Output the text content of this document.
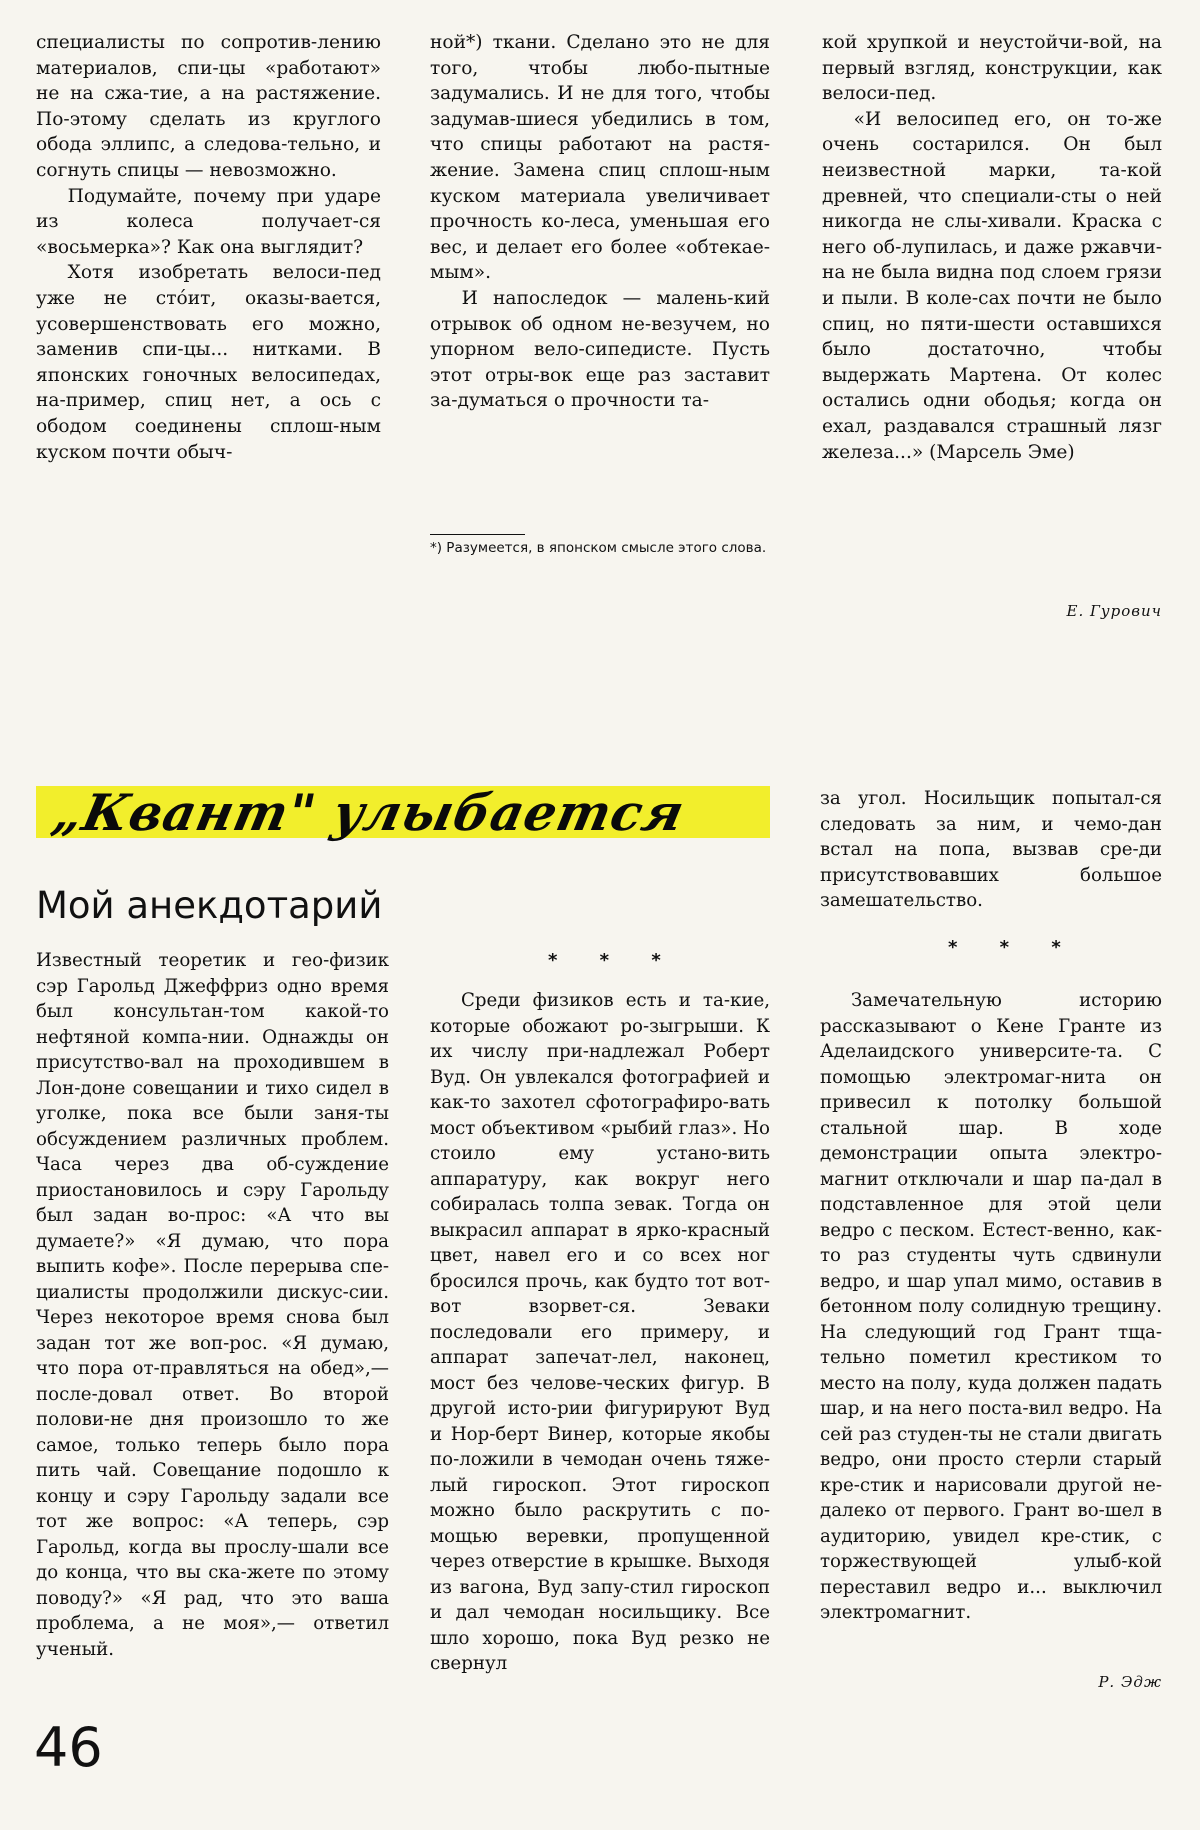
специалисты по сопротив-лению материалов, спи-цы «работают» не на сжа-тие, а на растяжение. По-этому сделать из круглого обода эллипс, а следова-тельно, и согнуть спицы — невозможно.

Подумайте, почему при ударе из колеса получает-ся «восьмерка»? Как она выглядит?

Хотя изобретать велоси-пед уже не сто́ит, оказы-вается, усовершенствовать его можно, заменив спи-цы... нитками. В японских гоночных велосипедах, на-пример, спиц нет, а ось с ободом соединены сплош-ным куском почти обыч-

ной*) ткани. Сделано это не для того, чтобы любо-пытные задумались. И не для того, чтобы задумав-шиеся убедились в том, что спицы работают на растя-жение. Замена спиц сплош-ным куском материала увеличивает прочность ко-леса, уменьшая его вес, и делает его более «обтекае-мым».

И напоследок — малень-кий отрывок об одном не-везучем, но упорном вело-сипедисте. Пусть этот отры-вок еще раз заставит за-думаться о прочности та-

*) Разумеется, в японском смысле этого слова.

кой хрупкой и неустойчи-вой, на первый взгляд, конструкции, как велоси-пед.

«И велосипед его, он то-же очень состарился. Он был неизвестной марки, та-кой древней, что специали-сты о ней никогда не слы-хивали. Краска с него об-лупилась, и даже ржавчи-на не была видна под слоем грязи и пыли. В коле-сах почти не было спиц, но пяти-шести оставшихся было достаточно, чтобы выдержать Мартена. От колес остались одни ободья; когда он ехал, раздавался страшный лязг железа...» (Марсель Эме)

Е. Гурович
„Квант" улыбается
Мой анекдотарий

Известный теоретик и гео-физик сэр Гарольд Джеффриз одно время был консультан-том какой-то нефтяной компа-нии. Однажды он присутство-вал на проходившем в Лон-доне совещании и тихо сидел в уголке, пока все были заня-ты обсуждением различных проблем. Часа через два об-суждение приостановилось и сэру Гарольду был задан во-прос: «А что вы думаете?» «Я думаю, что пора выпить кофе». После перерыва спе-циалисты продолжили дискус-сии. Через некоторое время снова был задан тот же воп-рос. «Я думаю, что пора от-правляться на обед»,— после-довал ответ. Во второй полови-не дня произошло то же самое, только теперь было пора пить чай. Совещание подошло к концу и сэру Гарольду задали все тот же вопрос: «А теперь, сэр Гарольд, когда вы прослу-шали все до конца, что вы ска-жете по этому поводу?» «Я рад, что это ваша проблема, а не моя»,— ответил ученый.

* * *

Среди физиков есть и та-кие, которые обожают ро-зыгрыши. К их числу при-надлежал Роберт Вуд. Он увлекался фотографией и как-то захотел сфотографиро-вать мост объективом «рыбий глаз». Но стоило ему устано-вить аппаратуру, как вокруг него собиралась толпа зевак. Тогда он выкрасил аппарат в ярко-красный цвет, навел его и со всех ног бросился прочь, как будто тот вот-вот взорвет-ся. Зеваки последовали его примеру, и аппарат запечат-лел, наконец, мост без челове-ческих фигур. В другой исто-рии фигурируют Вуд и Нор-берт Винер, которые якобы по-ложили в чемодан очень тяже-лый гироскоп. Этот гироскоп можно было раскрутить с по-мощью веревки, пропущенной через отверстие в крышке. Выходя из вагона, Вуд запу-стил гироскоп и дал чемодан носильщику. Все шло хорошо, пока Вуд резко не свернул

за угол. Носильщик попытал-ся следовать за ним, и чемо-дан встал на попа, вызвав сре-ди присутствовавших большое замешательство.

* * *

Замечательную историю рассказывают о Кене Гранте из Аделаидского университе-та. С помощью электромаг-нита он привесил к потолку большой стальной шар. В ходе демонстрации опыта электро-магнит отключали и шар па-дал в подставленное для этой цели ведро с песком. Естест-венно, как-то раз студенты чуть сдвинули ведро, и шар упал мимо, оставив в бетонном полу солидную трещину. На следующий год Грант тща-тельно пометил крестиком то место на полу, куда должен падать шар, и на него поста-вил ведро. На сей раз студен-ты не стали двигать ведро, они просто стерли старый кре-стик и нарисовали другой не-далеко от первого. Грант во-шел в аудиторию, увидел кре-стик, с торжествующей улыб-кой переставил ведро и... выключил электромагнит.

Р. Эдж
46
